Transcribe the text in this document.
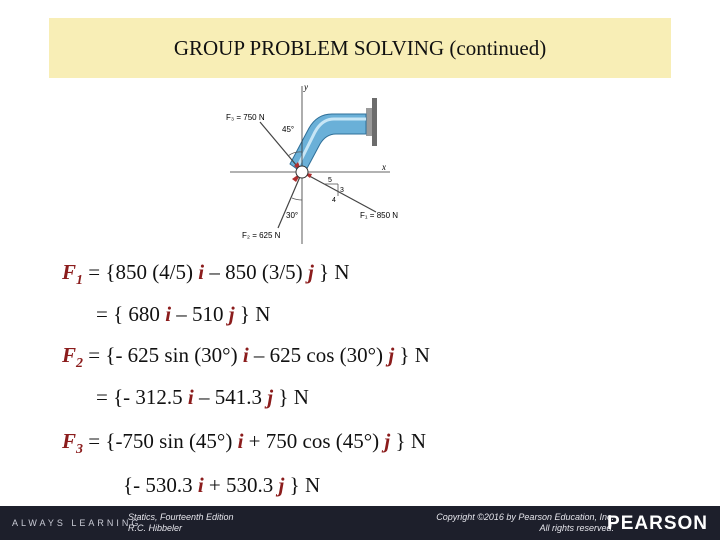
GROUP PROBLEM SOLVING (continued)
y
x
F₃ = 750 N
45°
30°
F₂ = 625 N
F₁ = 850 N
3
5
4
$F_1 = \{850$ (4/5) i – 850 (3/5) j } N
= { 680 i – 510 j } N
$F_2$ = {- 625 sin (30°) i – 625 cos (30°) j } N
= {- 312.5 i – 541.3 j } N
$F_3 = \{-750$ sin (45°) i + 750 cos (45°) j } N
{- 530.3 i + 530.3 j } N
ALWAYS LEARNING
Statics, Fourteenth Edition
R.C. Hibbeler
Copyright ©2016 by Pearson Education, Inc.
All rights reserved.
PEARSON
